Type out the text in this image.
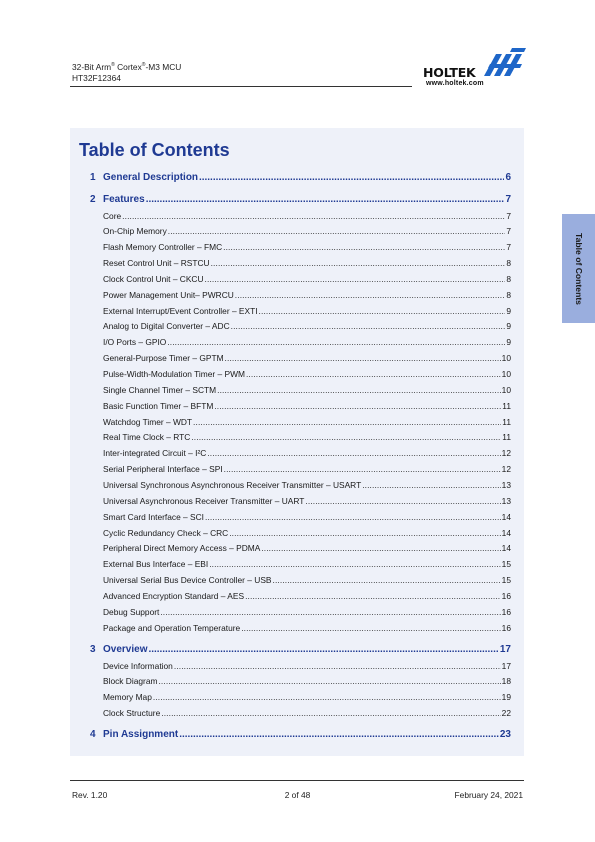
32-Bit Arm® Cortex®-M3 MCU
HT32F12364	HOLTEK
www.holtek.com
Table of Contents
1 General Description . . .	6
2 Features . . .	7
Core . . .	7
On-Chip Memory . . .	7
Flash Memory Controller – FMC . . .	7
Reset Control Unit – RSTCU . . .	8
Clock Control Unit – CKCU . . .	8
Power Management Unit– PWRCU . . .	8
External Interrupt/Event Controller – EXTI . . .	9
Analog to Digital Converter – ADC . . .	9
I/O Ports – GPIO . . .	9
General-Purpose Timer – GPTM . . .	10
Pulse-Width-Modulation Timer – PWM . . .	10
Single Channel Timer – SCTM . . .	10
Basic Function Timer – BFTM . . .	11
Watchdog Timer – WDT . . .	11
Real Time Clock – RTC . . .	11
Inter-integrated Circuit – I²C . . .	12
Serial Peripheral Interface – SPI . . .	12
Universal Synchronous Asynchronous Receiver Transmitter – USART . . .	13
Universal Asynchronous Receiver Transmitter – UART . . .	13
Smart Card Interface – SCI . . .	14
Cyclic Redundancy Check – CRC . . .	14
Peripheral Direct Memory Access – PDMA . . .	14
External Bus Interface – EBI . . .	15
Universal Serial Bus Device Controller – USB . . .	15
Advanced Encryption Standard – AES . . .	16
Debug Support . . .	16
Package and Operation Temperature . . .	16
3 Overview . . .	17
Device Information . . .	17
Block Diagram . . .	18
Memory Map . . .	19
Clock Structure . . .	22
4 Pin Assignment . . .	23
Table of Contents
Rev. 1.20	2 of 48	February 24, 2021
